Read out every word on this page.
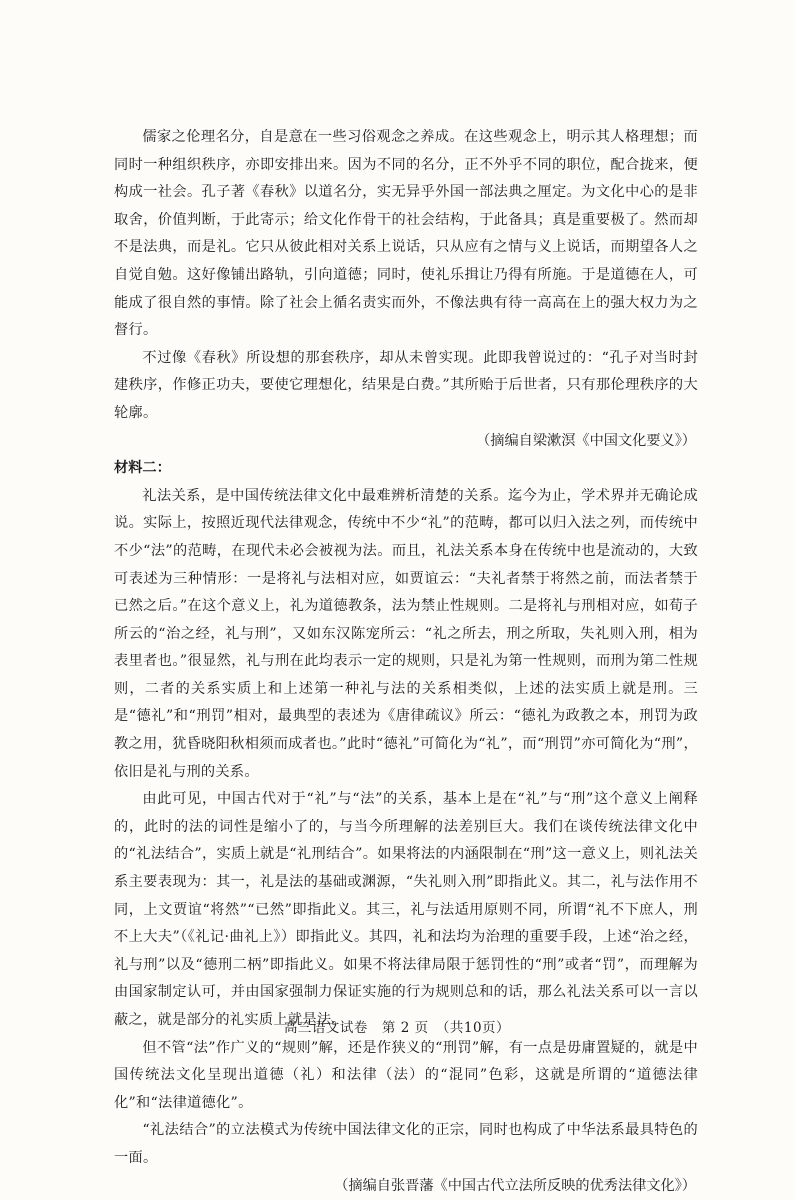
儒家之伦理名分，自是意在一些习俗观念之养成。在这些观念上，明示其人格理想；而同时一种组织秩序，亦即安排出来。因为不同的名分，正不外乎不同的职位，配合拢来，便构成一社会。孔子著《春秋》以道名分，实无异乎外国一部法典之厘定。为文化中心的是非取舍，价值判断，于此寄示；给文化作骨干的社会结构，于此备具；真是重要极了。然而却不是法典，而是礼。它只从彼此相对关系上说话，只从应有之情与义上说话，而期望各人之自觉自勉。这好像铺出路轨，引向道德；同时，使礼乐揖让乃得有所施。于是道德在人，可能成了很自然的事情。除了社会上循名责实而外，不像法典有待一高高在上的强大权力为之督行。

不过像《春秋》所设想的那套秩序，却从未曾实现。此即我曾说过的：“孔子对当时封建秩序，作修正功夫，要使它理想化，结果是白费。”其所贻于后世者，只有那伦理秩序的大轮廓。

（摘编自梁漱溟《中国文化要义》）

材料二：

礼法关系，是中国传统法律文化中最难辨析清楚的关系。迄今为止，学术界并无确论成说。实际上，按照近现代法律观念，传统中不少“礼”的范畴，都可以归入法之列，而传统中不少“法”的范畴，在现代未必会被视为法。而且，礼法关系本身在传统中也是流动的，大致可表述为三种情形：一是将礼与法相对应，如贾谊云：“夫礼者禁于将然之前，而法者禁于已然之后。”在这个意义上，礼为道德教条，法为禁止性规则。二是将礼与刑相对应，如荀子所云的“治之经，礼与刑”，又如东汉陈宠所云：“礼之所去，刑之所取，失礼则入刑，相为表里者也。”很显然，礼与刑在此均表示一定的规则，只是礼为第一性规则，而刑为第二性规则，二者的关系实质上和上述第一种礼与法的关系相类似，上述的法实质上就是刑。三是“德礼”和“刑罚”相对，最典型的表述为《唐律疏议》所云：“德礼为政教之本，刑罚为政教之用，犹昏晓阳秋相须而成者也。”此时“德礼”可简化为“礼”，而“刑罚”亦可简化为“刑”，依旧是礼与刑的关系。

由此可见，中国古代对于“礼”与“法”的关系，基本上是在“礼”与“刑”这个意义上阐释的，此时的法的词性是缩小了的，与当今所理解的法差别巨大。我们在谈传统法律文化中的“礼法结合”，实质上就是“礼刑结合”。如果将法的内涵限制在“刑”这一意义上，则礼法关系主要表现为：其一，礼是法的基础或渊源，“失礼则入刑”即指此义。其二，礼与法作用不同，上文贾谊“将然”“已然”即指此义。其三，礼与法适用原则不同，所谓“礼不下庶人，刑不上大夫”（《礼记·曲礼上》）即指此义。其四，礼和法均为治理的重要手段，上述“治之经，礼与刑”以及“德刑二柄”即指此义。如果不将法律局限于惩罚性的“刑”或者“罚”，而理解为由国家制定认可，并由国家强制力保证实施的行为规则总和的话，那么礼法关系可以一言以蔽之，就是部分的礼实质上就是法。

但不管“法”作广义的“规则”解，还是作狭义的“刑罚”解，有一点是毋庸置疑的，就是中国传统法文化呈现出道德（礼）和法律（法）的“混同”色彩，这就是所谓的“道德法律化”和“法律道德化”。

“礼法结合”的立法模式为传统中国法律文化的正宗，同时也构成了中华法系最具特色的一面。

（摘编自张晋藩《中国古代立法所反映的优秀法律文化》）

高三语文试卷　第 2 页　（共10页）
